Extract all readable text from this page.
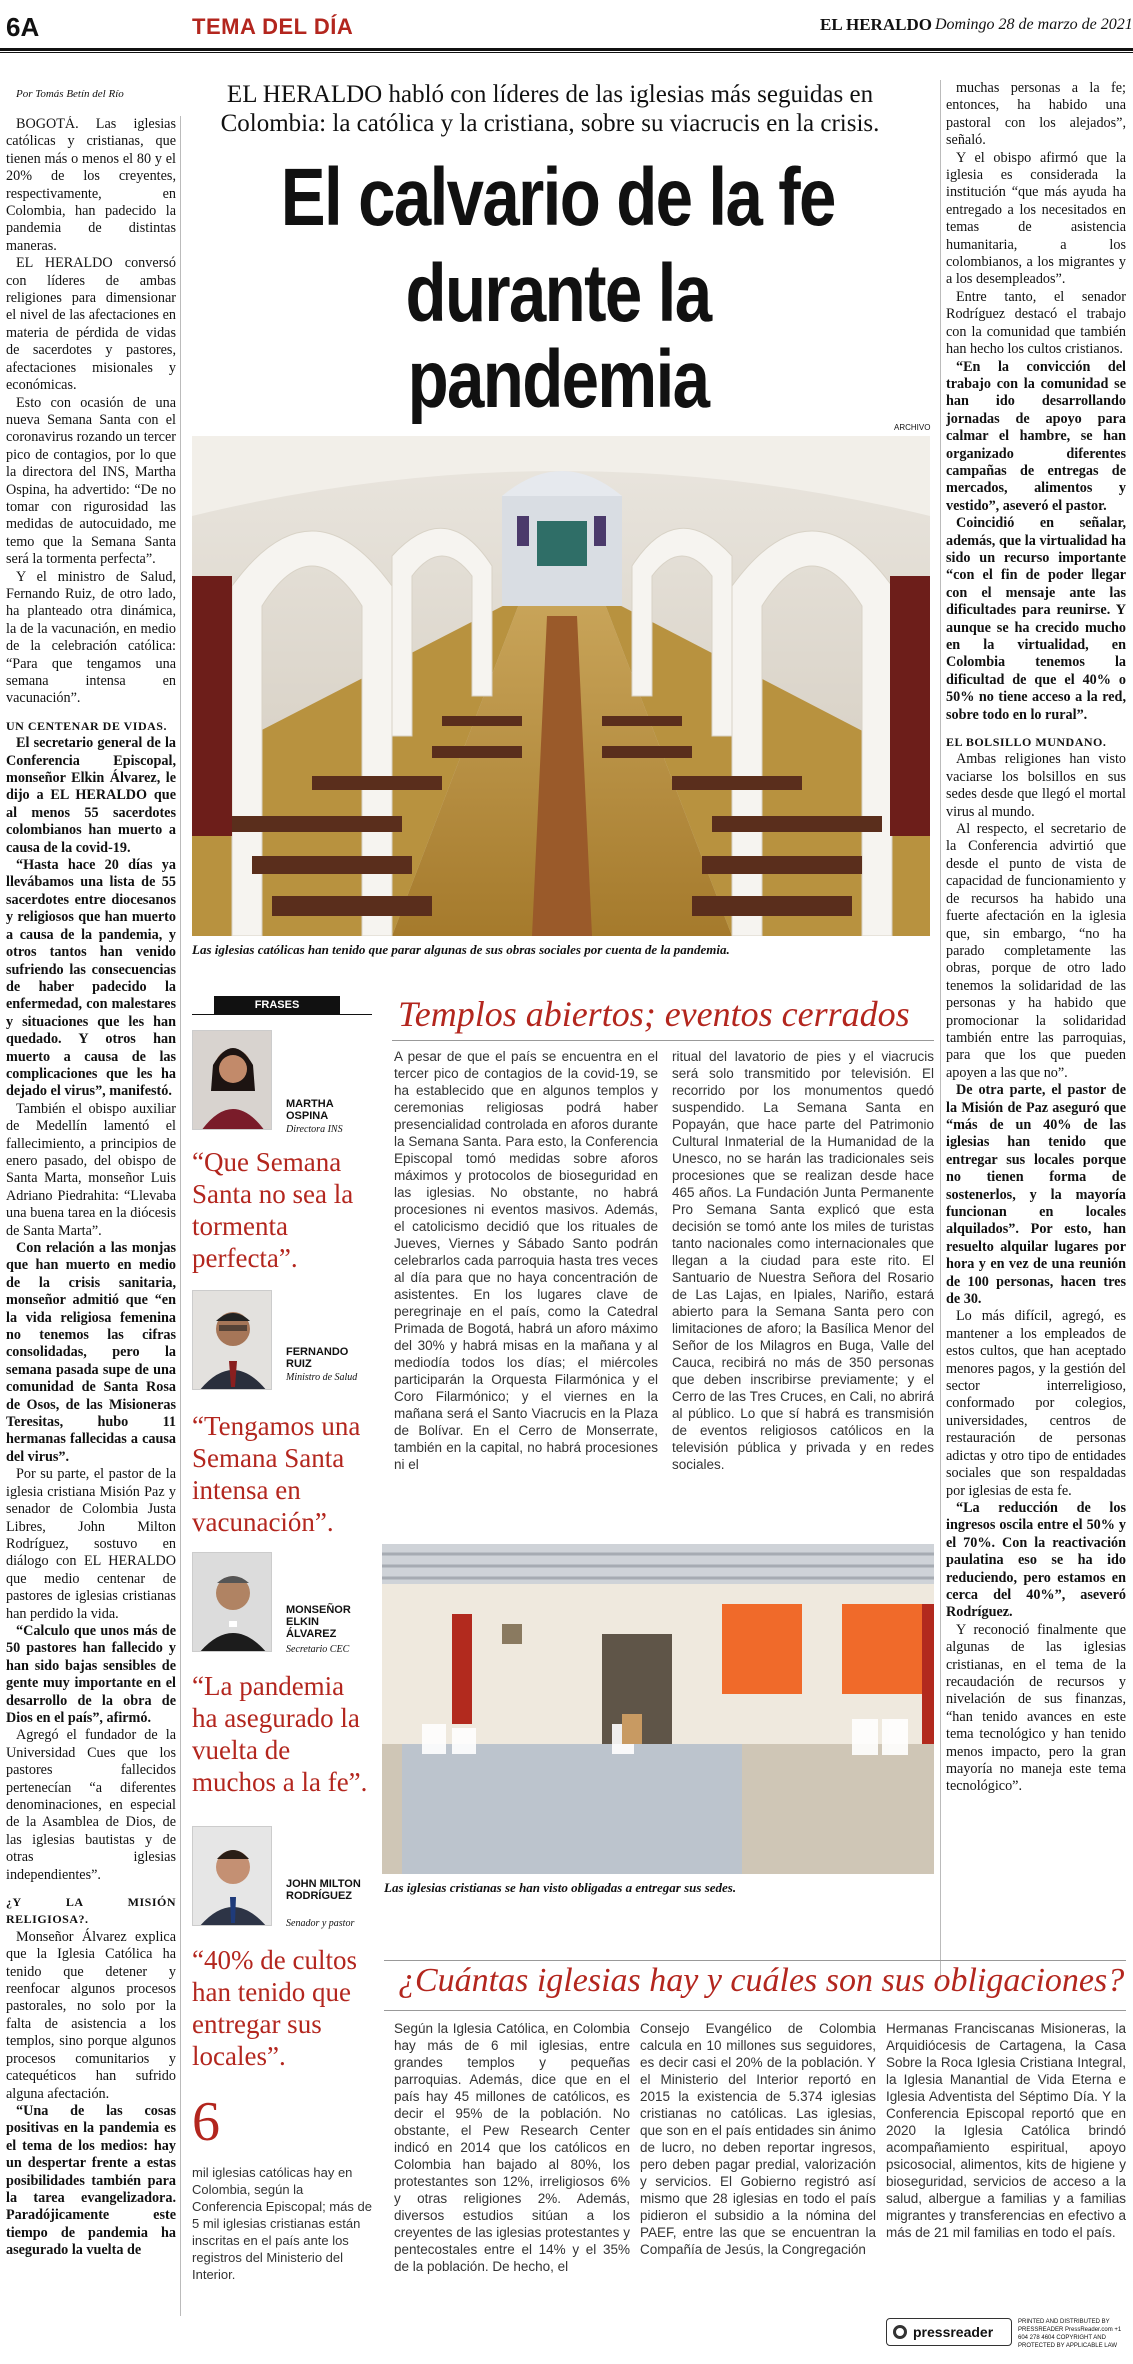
6A	TEMA DEL DÍA	EL HERALDO Domingo 28 de marzo de 2021
Por Tomás Betín del Río	EL HERALDO habló con líderes de las iglesias más seguidas en Colombia: la católica y la cristiana, sobre su viacrucis en la crisis.
El calvario de la fe durante la pandemia
ARCHIVO

BOGOTÁ. Las iglesias católicas y cristianas, que tienen más o menos el 80 y el 20% de los creyentes, respectivamente, en Colombia, han padecido la pandemia de distintas maneras.

EL HERALDO conversó con líderes de ambas religiones para dimensionar el nivel de las afectaciones en materia de pérdida de vidas de sacerdotes y pastores, afectaciones misionales y económicas.

Esto con ocasión de una nueva Semana Santa con el coronavirus rozando un tercer pico de contagios, por lo que la directora del INS, Martha Ospina, ha advertido: “De no tomar con rigurosidad las medidas de autocuidado, me temo que la Semana Santa será la tormenta perfecta”.

Y el ministro de Salud, Fernando Ruiz, de otro lado, ha planteado otra dinámica, la de la vacunación, en medio de la celebración católica: “Para que tengamos una semana intensa en vacunación”.

UN CENTENAR DE VIDAS.

El secretario general de la Conferencia Episcopal, monseñor Elkin Álvarez, le dijo a EL HERALDO que al menos 55 sacerdotes colombianos han muerto a causa de la covid-19.

“Hasta hace 20 días ya llevábamos una lista de 55 sacerdotes entre diocesanos y religiosos que han muerto a causa de la pandemia, y otros tantos han venido sufriendo las consecuencias de haber padecido la enfermedad, con malestares y situaciones que les han quedado. Y otros han muerto a causa de las complicaciones que les ha dejado el virus”, manifestó.

También el obispo auxiliar de Medellín lamentó el fallecimiento, a principios de enero pasado, del obispo de Santa Marta, monseñor Luis Adriano Piedrahita: “Llevaba una buena tarea en la diócesis de Santa Marta”.

Con relación a las monjas que han muerto en medio de la crisis sanitaria, monseñor admitió que “en la vida religiosa femenina no tenemos las cifras consolidadas, pero la semana pasada supe de una comunidad de Santa Rosa de Osos, de las Misioneras Teresitas, hubo 11 hermanas fallecidas a causa del virus”.

Por su parte, el pastor de la iglesia cristiana Misión Paz y senador de Colombia Justa Libres, John Milton Rodríguez, sostuvo en diálogo con EL HERALDO que medio centenar de pastores de iglesias cristianas han perdido la vida.

“Calculo que unos más de 50 pastores han fallecido y han sido bajas sensibles de gente muy importante en el desarrollo de la obra de Dios en el país”, afirmó.

Agregó el fundador de la Universidad Cues que los pastores fallecidos pertenecían “a diferentes denominaciones, en especial de la Asamblea de Dios, de las iglesias bautistas y de otras iglesias independientes”.

¿Y LA MISIÓN RELIGIOSA?.

Monseñor Álvarez explica que la Iglesia Católica ha tenido que detener y reenfocar algunos procesos pastorales, no solo por la falta de asistencia a los templos, sino porque algunos procesos comunitarios y catequéticos han sufrido alguna afectación.

“Una de las cosas positivas en la pandemia es el tema de los medios: hay un despertar frente a estas posibilidades también para la tarea evangelizadora. Paradójicamente este tiempo de pandemia ha asegurado la vuelta de

muchas personas a la fe; entonces, ha habido una pastoral con los alejados”, señaló.

Y el obispo afirmó que la iglesia es considerada la institución “que más ayuda ha entregado a los necesitados en temas de asistencia humanitaria, a los colombianos, a los migrantes y a los desempleados”.

Entre tanto, el senador Rodríguez destacó el trabajo con la comunidad que también han hecho los cultos cristianos.

“En la convicción del trabajo con la comunidad se han ido desarrollando jornadas de apoyo para calmar el hambre, se han organizado diferentes campañas de entregas de mercados, alimentos y vestido”, aseveró el pastor.

Coincidió en señalar, además, que la virtualidad ha sido un recurso importante “con el fin de poder llegar con el mensaje ante las dificultades para reunirse. Y aunque se ha crecido mucho en la virtualidad, en Colombia tenemos la dificultad de que el 40% o 50% no tiene acceso a la red, sobre todo en lo rural”.

EL BOLSILLO MUNDANO.

Ambas religiones han visto vaciarse los bolsillos en sus sedes desde que llegó el mortal virus al mundo.

Al respecto, el secretario de la Conferencia advirtió que desde el punto de vista de capacidad de funcionamiento y de recursos ha habido una fuerte afectación en la iglesia que, sin embargo, “no ha parado completamente las obras, porque de otro lado tenemos la solidaridad de las personas y ha habido que promocionar la solidaridad también entre las parroquias, para que los que pueden apoyen a las que no”.

De otra parte, el pastor de la Misión de Paz aseguró que “más de un 40% de las iglesias han tenido que entregar sus locales porque no tienen forma de sostenerlos, y la mayoría funcionan en locales alquilados”. Por esto, han resuelto alquilar lugares por hora y en vez de una reunión de 100 personas, hacen tres de 30.

Lo más difícil, agregó, es mantener a los empleados de estos cultos, que han aceptado menores pagos, y la gestión del sector interreligioso, conformado por colegios, universidades, centros de restauración de personas adictas y otro tipo de entidades sociales que son respaldadas por iglesias de esta fe.

“La reducción de los ingresos oscila entre el 50% y el 70%. Con la reactivación paulatina eso se ha ido reduciendo, pero estamos en cerca del 40%”, aseveró Rodríguez.

Y reconoció finalmente que algunas de las iglesias cristianas, en el tema de la recaudación de recursos y nivelación de sus finanzas, “han tenido avances en este tema tecnológico y han tenido menos impacto, pero la gran mayoría no maneja este tema tecnológico”.

Las iglesias católicas han tenido que parar algunas de sus obras sociales por cuenta de la pandemia.
FRASES
MARTHA OSPINA
Directora INS
“Que Semana Santa no sea la tormenta perfecta”.
FERNANDO RUIZ
Ministro de Salud
“Tengamos una Semana Santa intensa en vacunación”.
MONSEÑOR ELKIN ÁLVAREZ
Secretario CEC
“La pandemia ha asegurado la vuelta de muchos a la fe”.
JOHN MILTON RODRÍGUEZ
Senador y pastor
“40% de cultos han tenido que entregar sus locales”.
Templos abiertos; eventos cerrados
A pesar de que el país se encuentra en el tercer pico de contagios de la covid-19, se ha establecido que en algunos templos y ceremonias religiosas podrá haber presencialidad controlada en aforos durante la Semana Santa. Para esto, la Conferencia Episcopal tomó medidas sobre aforos máximos y protocolos de bioseguridad en las iglesias. No obstante, no habrá procesiones ni eventos masivos. Además, el catolicismo decidió que los rituales de Jueves, Viernes y Sábado Santo podrán celebrarlos cada parroquia hasta tres veces al día para que no haya concentración de asistentes. En los lugares clave de peregrinaje en el país, como la Catedral Primada de Bogotá, habrá un aforo máximo del 30% y habrá misas en la mañana y al mediodía todos los días; el miércoles participarán la Orquesta Filarmónica y el Coro Filarmónico; y el viernes en la mañana será el Santo Viacrucis en la Plaza de Bolívar. En el Cerro de Monserrate, también en la capital, no habrá procesiones ni el
ritual del lavatorio de pies y el viacrucis será solo transmitido por televisión. El recorrido por los monumentos quedó suspendido. La Semana Santa en Popayán, que hace parte del Patrimonio Cultural Inmaterial de la Humanidad de la Unesco, no se harán las tradicionales seis procesiones que se realizan desde hace 465 años. La Fundación Junta Permanente Pro Semana Santa explicó que esta decisión se tomó ante los miles de turistas tanto nacionales como internacionales que llegan a la ciudad para este rito. El Santuario de Nuestra Señora del Rosario de Las Lajas, en Ipiales, Nariño, estará abierto para la Semana Santa pero con limitaciones de aforo; la Basílica Menor del Señor de los Milagros en Buga, Valle del Cauca, recibirá no más de 350 personas que deben inscribirse previamente; y el Cerro de las Tres Cruces, en Cali, no abrirá al público. Lo que sí habrá es transmisión de eventos religiosos católicos en la televisión pública y privada y en redes sociales.
Las iglesias cristianas se han visto obligadas a entregar sus sedes.
¿Cuántas iglesias hay y cuáles son sus obligaciones?
6
mil iglesias católicas hay en Colombia, según la Conferencia Episcopal; más de 5 mil iglesias cristianas están inscritas en el país ante los registros del Ministerio del Interior.
Según la Iglesia Católica, en Colombia hay más de 6 mil iglesias, entre grandes templos y pequeñas parroquias. Además, dice que en el país hay 45 millones de católicos, es decir el 95% de la población. No obstante, el Pew Research Center indicó en 2014 que los católicos en Colombia han bajado al 80%, los protestantes son 12%, irreligiosos 6% y otras religiones 2%. Además, diversos estudios sitúan a los creyentes de las iglesias protestantes y pentecostales entre el 14% y el 35% de la población. De hecho, el
Consejo Evangélico de Colombia calcula en 10 millones sus seguidores, es decir casi el 20% de la población. Y el Ministerio del Interior reportó en 2015 la existencia de 5.374 iglesias cristianas no católicas. Las iglesias, que son en el país entidades sin ánimo de lucro, no deben reportar ingresos, pero deben pagar predial, valorización y servicios. El Gobierno registró así mismo que 28 iglesias en todo el país pidieron el subsidio a la nómina del PAEF, entre las que se encuentran la Compañía de Jesús, la Congregación
Hermanas Franciscanas Misioneras, la Arquidiócesis de Cartagena, la Casa Sobre la Roca Iglesia Cristiana Integral, la Iglesia Manantial de Vida Eterna e Iglesia Adventista del Séptimo Día. Y la Conferencia Episcopal reportó que en 2020 la Iglesia Católica brindó acompañamiento espiritual, apoyo psicosocial, alimentos, kits de higiene y bioseguridad, servicios de acceso a la salud, albergue a familias y a familias migrantes y transferencias en efectivo a más de 21 mil familias en todo el país.
pressreader
PRINTED AND DISTRIBUTED BY PRESSREADER PressReader.com +1 604 278 4604 COPYRIGHT AND PROTECTED BY APPLICABLE LAW
